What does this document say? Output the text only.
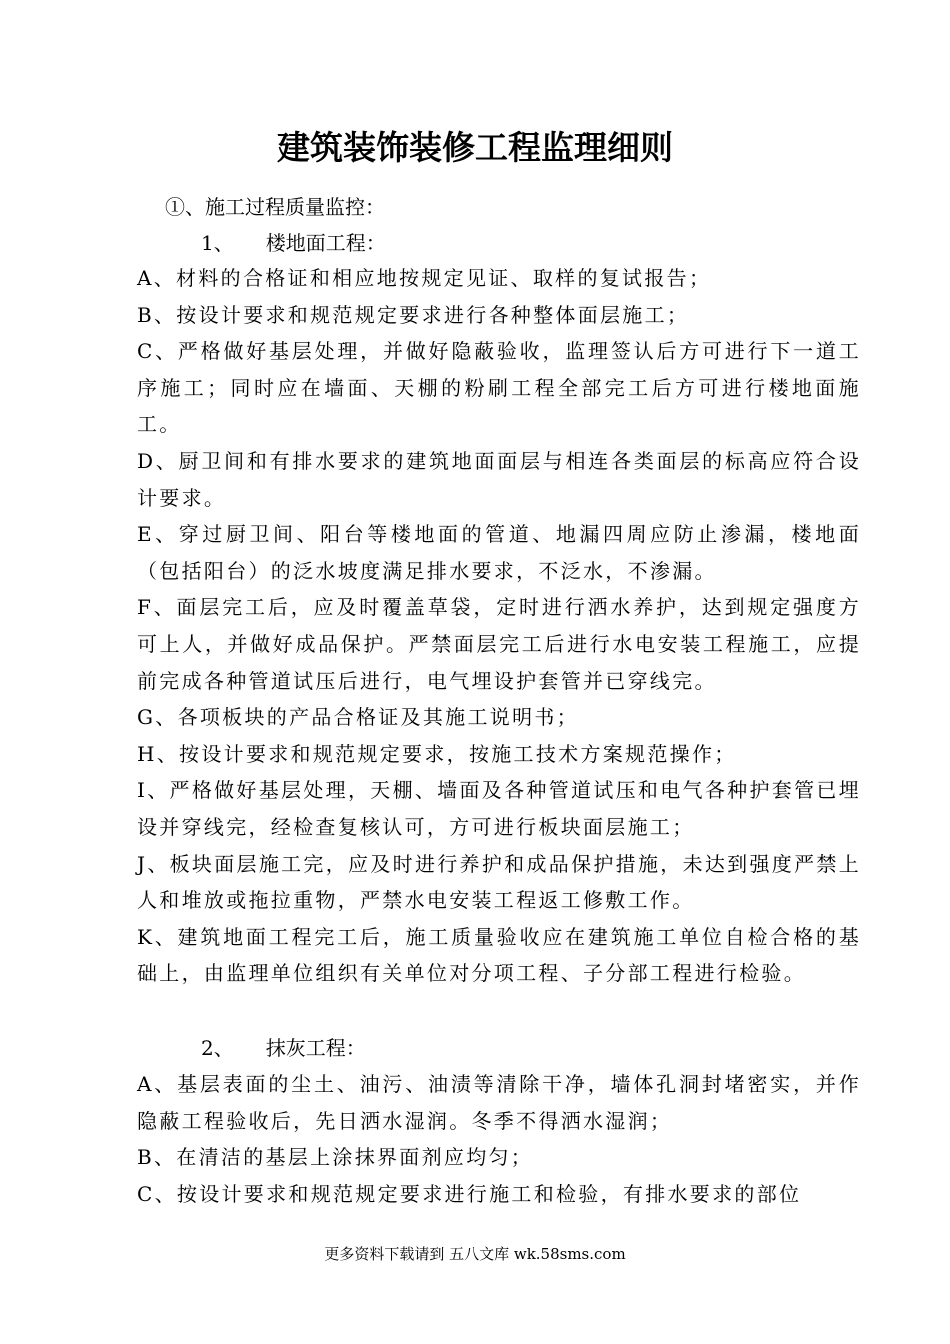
建筑装饰装修工程监理细则
①、施工过程质量监控：
1、 楼地面工程：

A、材料的合格证和相应地按规定见证、取样的复试报告；

B、按设计要求和规范规定要求进行各种整体面层施工；

C、严格做好基层处理，并做好隐蔽验收，监理签认后方可进行下一道工序施工；同时应在墙面、天棚的粉刷工程全部完工后方可进行楼地面施工。

D、厨卫间和有排水要求的建筑地面面层与相连各类面层的标高应符合设计要求。

E、穿过厨卫间、阳台等楼地面的管道、地漏四周应防止渗漏，楼地面（包括阳台）的泛水坡度满足排水要求，不泛水，不渗漏。

F、面层完工后，应及时覆盖草袋，定时进行洒水养护，达到规定强度方可上人，并做好成品保护。严禁面层完工后进行水电安装工程施工，应提前完成各种管道试压后进行，电气埋设护套管并已穿线完。

G、各项板块的产品合格证及其施工说明书；

H、按设计要求和规范规定要求，按施工技术方案规范操作；

I、严格做好基层处理，天棚、墙面及各种管道试压和电气各种护套管已埋设并穿线完，经检查复核认可，方可进行板块面层施工；

J、板块面层施工完，应及时进行养护和成品保护措施，未达到强度严禁上人和堆放或拖拉重物，严禁水电安装工程返工修敷工作。

K、建筑地面工程完工后，施工质量验收应在建筑施工单位自检合格的基础上，由监理单位组织有关单位对分项工程、子分部工程进行检验。

2、 抹灰工程：

A、基层表面的尘土、油污、油渍等清除干净，墙体孔洞封堵密实，并作隐蔽工程验收后，先日洒水湿润。冬季不得洒水湿润；

B、在清洁的基层上涂抹界面剂应均匀；

C、按设计要求和规范规定要求进行施工和检验，有排水要求的部位

更多资料下载请到 五八文库 wk.58sms.com
